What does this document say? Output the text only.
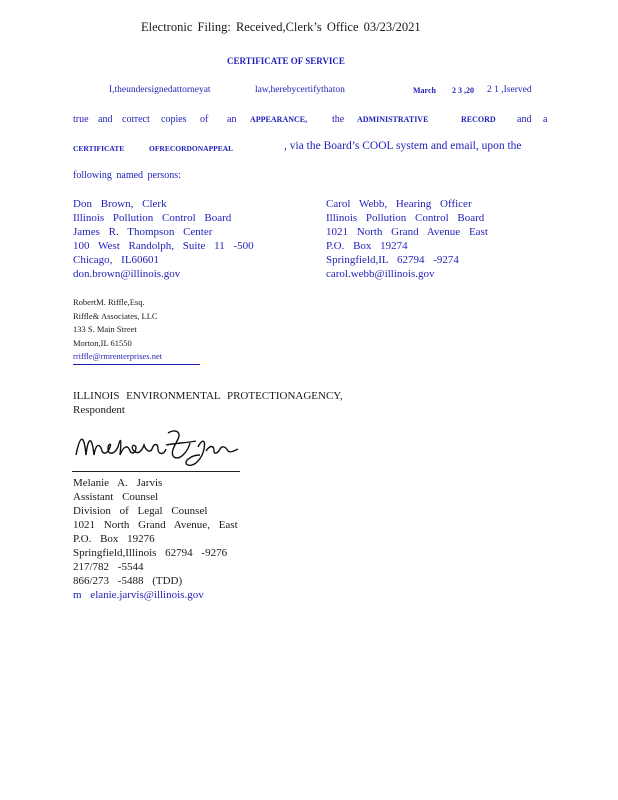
Electronic Filing: Received,Clerk’s Office 03/23/2021
CERTIFICATE OF SERVICE
I,theundersignedattorneyat	law,herebycertifythaton	March 2 3 ,20 2 1 ,Iserved
true and correct copies of an APPEARANCE, the ADMINISTRATIVE	RECORD and a
CERTIFICATE	OFRECORDONAPPEAL	, via the Board’s COOL system and email, upon the
following named persons:
Don Brown, Clerk
Illinois Pollution Control Board
James R. Thompson Center
100 West Randolph, Suite 11 -500
Chicago, IL60601
don.brown@illinois.gov
Carol Webb, Hearing Officer
Illinois Pollution Control Board
1021 North Grand Avenue East
P.O. Box 19274
Springfield,IL 62794 -9274
carol.webb@illinois.gov
RobertM. Riffle,Esq.
Riffle& Associates, LLC
133 S. Main Street
Morton,IL 61550
rriffle@rmrenterprises.net
ILLINOIS ENVIRONMENTAL PROTECTIONAGENCY,
Respondent
Melanie A. Jarvis
Assistant Counsel
Division of Legal Counsel
1021 North Grand Avenue, East
P.O. Box 19276
Springfield,Illinois 62794 -9276
217/782 -5544
866/273 -5488 (TDD)
m elanie.jarvis@illinois.gov
